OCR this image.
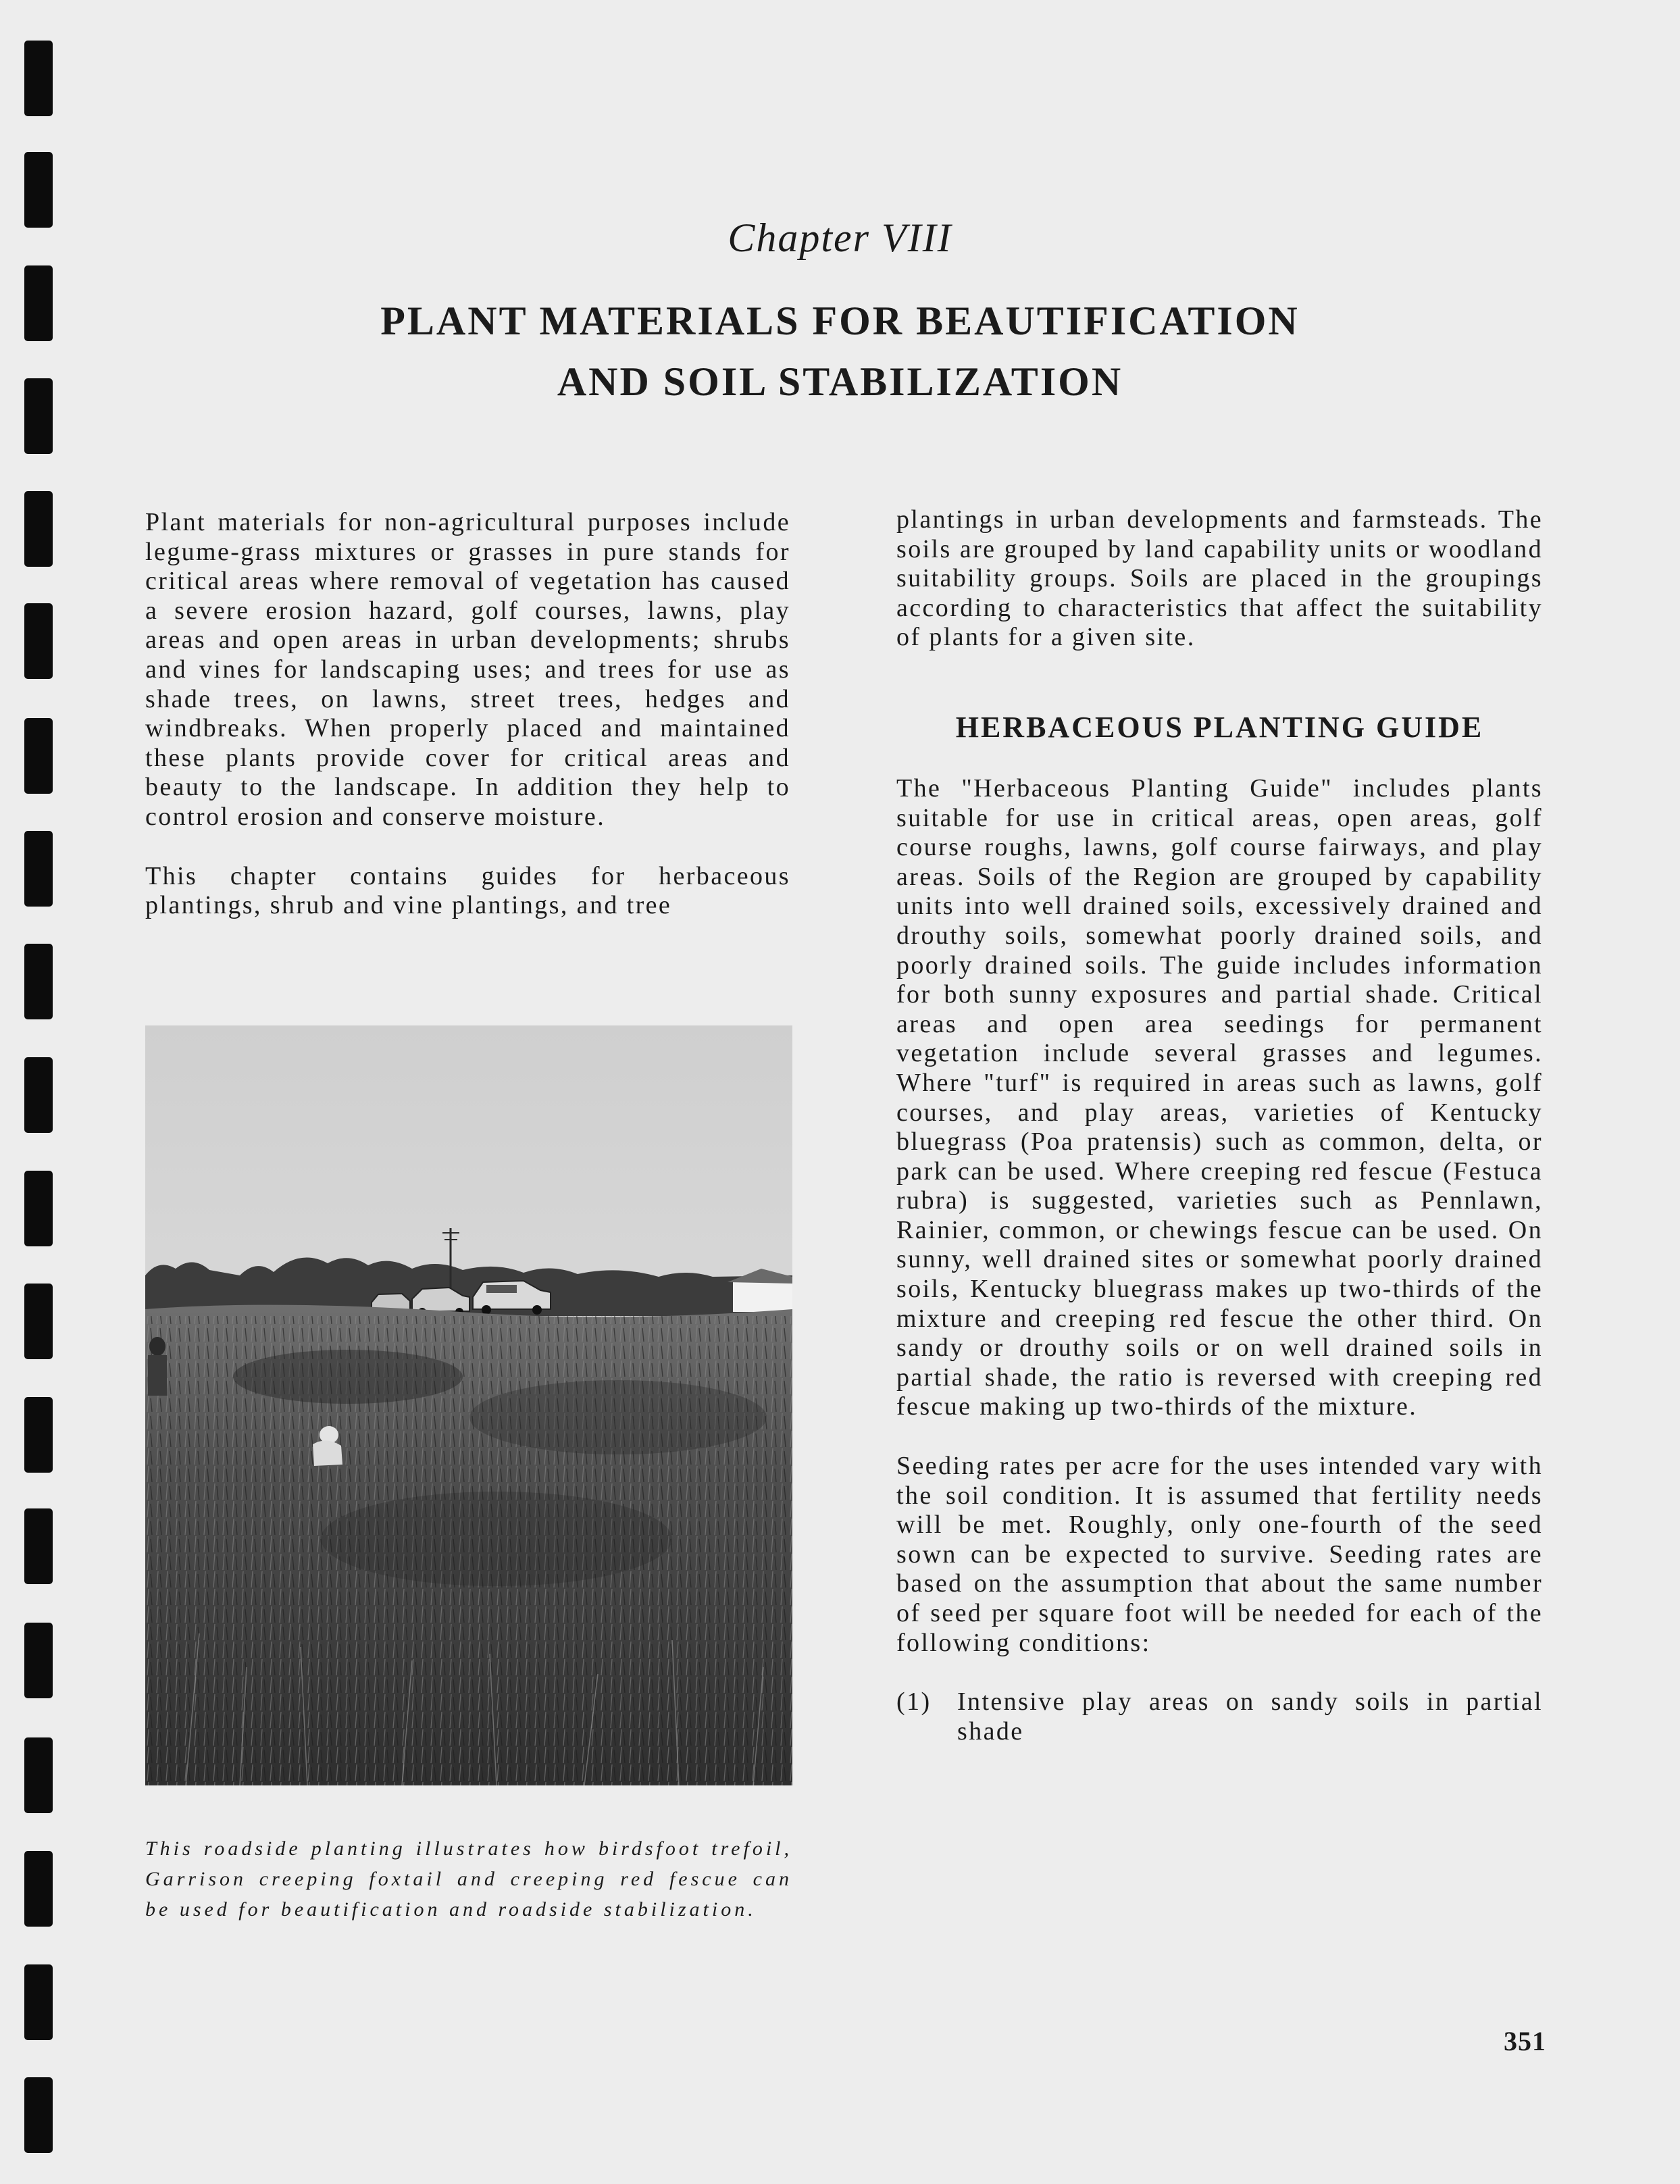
Chapter VIII
PLANT MATERIALS FOR BEAUTIFICATION
AND SOIL STABILIZATION

Plant materials for non-agricultural purposes include legume-grass mixtures or grasses in pure stands for critical areas where removal of vegetation has caused a severe erosion hazard, golf courses, lawns, play areas and open areas in urban developments; shrubs and vines for landscaping uses; and trees for use as shade trees, on lawns, street trees, hedges and windbreaks. When properly placed and maintained these plants provide cover for critical areas and beauty to the landscape. In addition they help to control erosion and conserve moisture.

This chapter contains guides for herbaceous plantings, shrub and vine plantings, and tree

This roadside planting illustrates how birdsfoot trefoil, Garrison creeping foxtail and creeping red fescue can be used for beautification and roadside stabilization.

plantings in urban developments and farmsteads. The soils are grouped by land capability units or woodland suitability groups. Soils are placed in the groupings according to characteristics that affect the suitability of plants for a given site.

HERBACEOUS PLANTING GUIDE

The "Herbaceous Planting Guide" includes plants suitable for use in critical areas, open areas, golf course roughs, lawns, golf course fairways, and play areas. Soils of the Region are grouped by capability units into well drained soils, excessively drained and drouthy soils, somewhat poorly drained soils, and poorly drained soils. The guide includes information for both sunny exposures and partial shade. Critical areas and open area seedings for permanent vegetation include several grasses and legumes. Where "turf" is required in areas such as lawns, golf courses, and play areas, varieties of Kentucky bluegrass (Poa pratensis) such as common, delta, or park can be used. Where creeping red fescue (Festuca rubra) is suggested, varieties such as Pennlawn, Rainier, common, or chewings fescue can be used. On sunny, well drained sites or somewhat poorly drained soils, Kentucky bluegrass makes up two-thirds of the mixture and creeping red fescue the other third. On sandy or drouthy soils or on well drained soils in partial shade, the ratio is reversed with creeping red fescue making up two-thirds of the mixture.

Seeding rates per acre for the uses intended vary with the soil condition. It is assumed that fertility needs will be met. Roughly, only one-fourth of the seed sown can be expected to survive. Seeding rates are based on the assumption that about the same number of seed per square foot will be needed for each of the following conditions:

(1)	Intensive play areas on sandy soils in partial shade
351
